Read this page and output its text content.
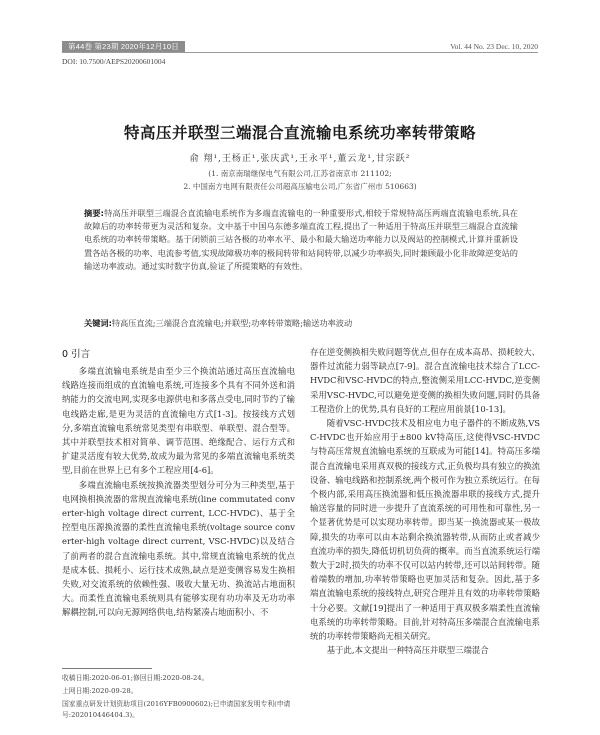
第44卷 第23期 2020年12月10日	Vol. 44 No. 23 Dec. 10, 2020
DOI: 10.7500/AEPS20200601004
特高压并联型三端混合直流输电系统功率转带策略
俞 翔¹,王杨正¹,张庆武¹,王永平¹,董云龙¹,甘宗跃²
(1. 南京南瑞继保电气有限公司,江苏省南京市 211102;
2. 中国南方电网有限责任公司超高压输电公司,广东省广州市 510663)
摘要:特高压并联型三端混合直流输电系统作为多端直流输电的一种重要形式,相较于常规特高压两端直流输电系统,具在故障后的功率转带更为灵活和复杂。文中基于中国乌东德多端直流工程,提出了一种适用于特高压并联型三端混合直流输电系统的功率转带策略。基于闭锁前三站各极的功率水平、最小和最大输送功率能力以及阀站的控制模式,计算并重新设置各站各极的功率、电流参考值,实现故障极功率的极间转带和站间转带,以减少功率损失,同时兼顾最小化非故障逆变站的输送功率波动。通过实时数字仿真,验证了所提策略的有效性。
关键词:特高压直流;三端混合直流输电;并联型;功率转带策略;输送功率波动
0 引言

多端直流输电系统是由至少三个换流站通过高压直流输电线路连接而组成的直流输电系统,可连接多个具有不同外送和消纳能力的交流电网,实现多电源供电和多落点受电,同时节约了输电线路走廊,是更为灵活的直流输电方式[1-3]。按接线方式划分,多端直流输电系统常见类型有串联型、单联型、混合型等。其中并联型技术相对简单、调节范围、绝缘配合、运行方式和扩建灵活度有较大优势,故成为最为常见的多端直流输电系统类型,目前在世界上已有多个工程应用[4-6]。

多端直流输电系统按换流器类型划分可分为三种类型,基于电网换相换流器的常规直流输电系统(line commutated converter-high voltage direct current, LCC-HVDC)、基于全控型电压源换流器的柔性直流输电系统(voltage source converter-high voltage direct current, VSC-HVDC)以及结合了前两者的混合直流输电系统。其中,常规直流输电系统的优点是成本低、损耗小、运行技术成熟,缺点是逆变侧容易发生换相失败,对交流系统的依赖性强、吸收大量无功、换流站占地面积大。而柔性直流输电系统则具有能够实现有功功率及无功功率解耦控制,可以向无源网络供电,结构紧凑占地面积小、不

存在逆变侧换相失败问题等优点,但存在成本高昂、损耗较大、器件过流能力弱等缺点[7-9]。混合直流输电技术综合了LCC-HVDC和VSC-HVDC的特点,整流侧采用LCC-HVDC,逆变侧采用VSC-HVDC,可以避免逆变侧的换相失败问题,同时仍具备工程造价上的优势,具有良好的工程应用前景[10-13]。

随着VSC-HVDC技术及相应电力电子器件的不断成熟,VSC-HVDC也开始应用于±800 kV特高压,这使得VSC-HVDC与特高压常规直流输电系统的互联成为可能[14]。特高压多端混合直流输电采用真双极的接线方式,正负极均具有独立的换流设备、输电线路和控制系统,两个极可作为独立系统运行。在每个极内部,采用高压换流器和低压换流器串联的接线方式,提升输送容量的同时进一步提升了直流系统的可用性和可靠性,另一个显著优势是可以实现功率转带。即当某一换流器或某一极故障,损失的功率可以由本站剩余换流器转带,从而防止或者减少直流功率的损失,降低切机切负荷的概率。而当直流系统运行端数大于2时,损失的功率不仅可以站内转带,还可以站间转带。随着端数的增加,功率转带策略也更加灵活和复杂。因此,基于多端直流输电系统的接线特点,研究合理并且有效的功率转带策略十分必要。文献[19]提出了一种适用于真双极多端柔性直流输电系统的功率转带策略。目前,针对特高压多端混合直流输电系统的功率转带策略尚无相关研究。

基于此,本文提出一种特高压并联型三端混合

收稿日期:2020-06-01;修回日期:2020-08-24。
上网日期:2020-09-28。
国家重点研发计划资助项目(2016YFB0900602);已申请国家发明专利(申请号:202010446404.3)。
